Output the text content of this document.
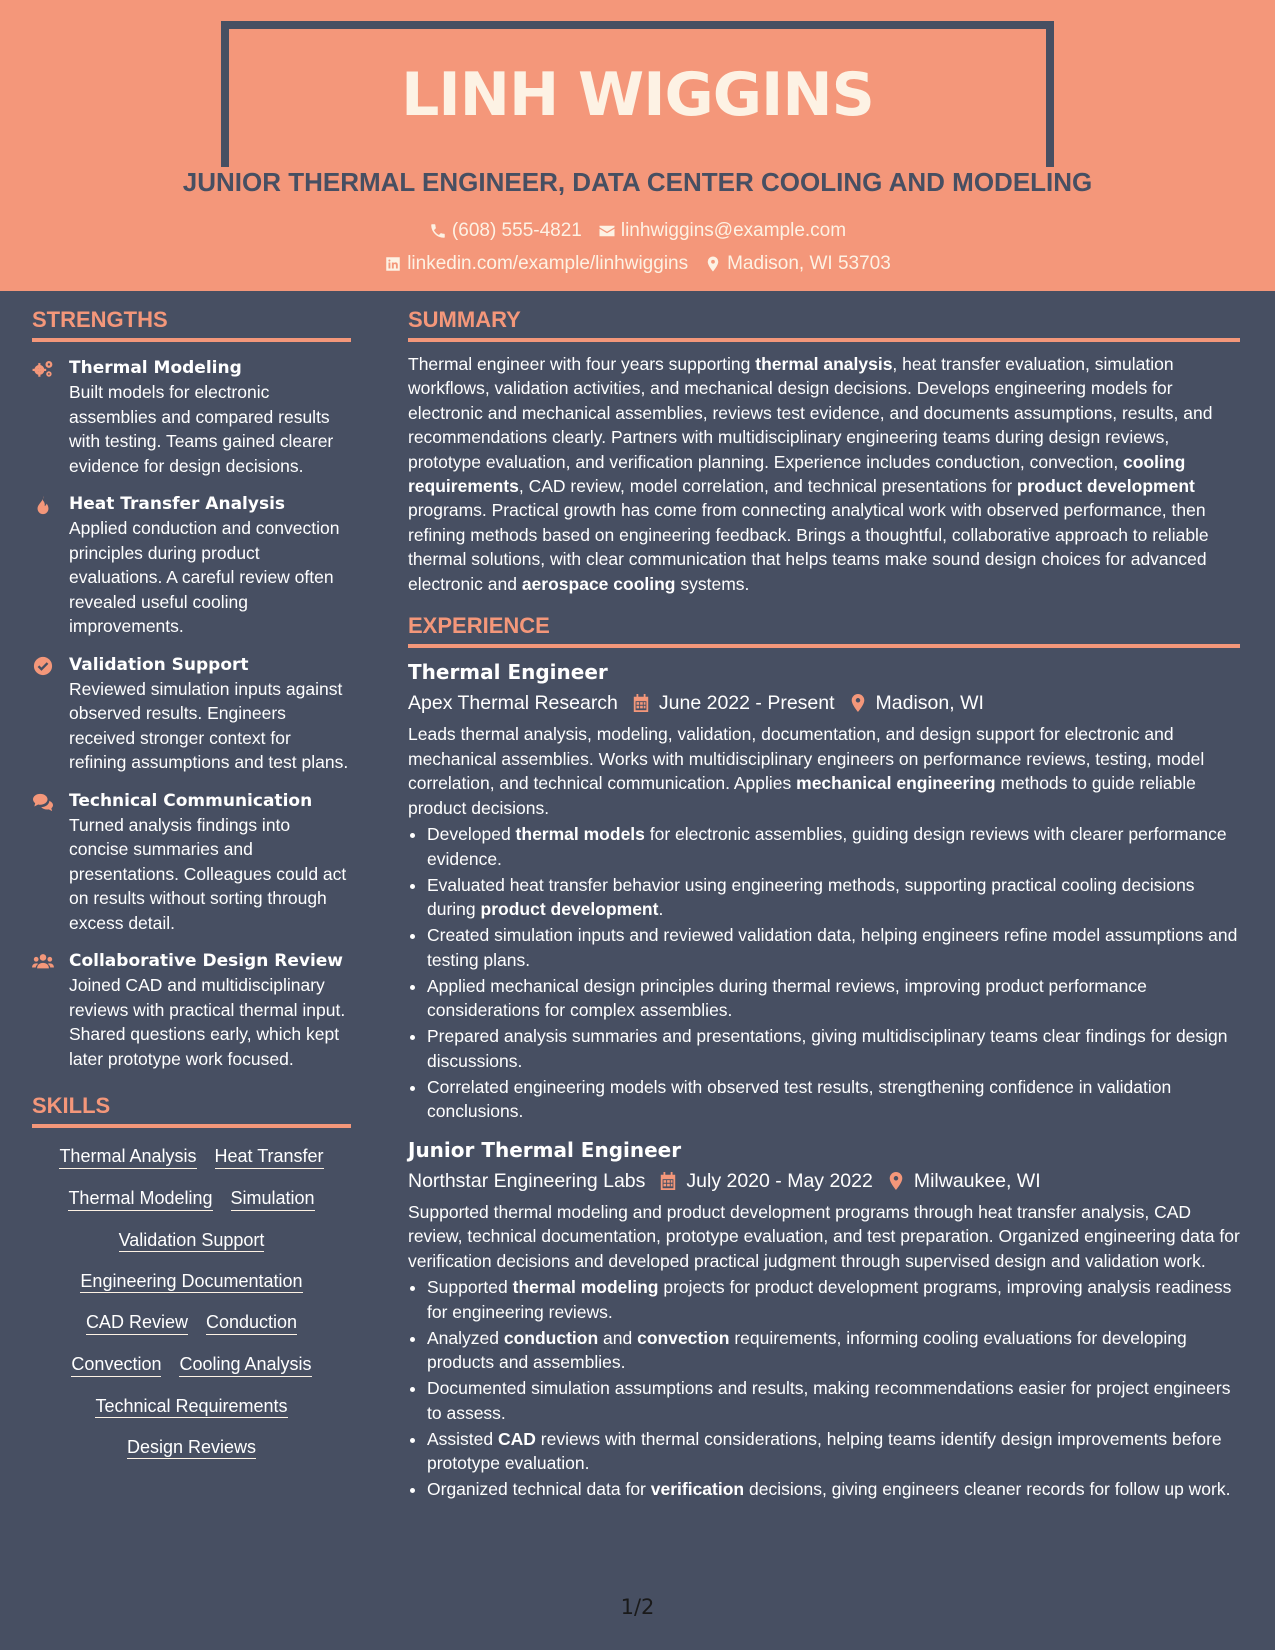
LINH WIGGINS
JUNIOR THERMAL ENGINEER, DATA CENTER COOLING AND MODELING
(608) 555-4821 linhwiggins@example.com
linkedin.com/example/linhwiggins Madison, WI 53703
STRENGTHS
Thermal Modeling
Built models for electronic assemblies and compared results with testing. Teams gained clearer evidence for design decisions.
Heat Transfer Analysis
Applied conduction and convection principles during product evaluations. A careful review often revealed useful cooling improvements.
Validation Support
Reviewed simulation inputs against observed results. Engineers received stronger context for refining assumptions and test plans.
Technical Communication
Turned analysis findings into concise summaries and presentations. Colleagues could act on results without sorting through excess detail.
Collaborative Design Review
Joined CAD and multidisciplinary reviews with practical thermal input. Shared questions early, which kept later prototype work focused.
SKILLS
Thermal Analysis Heat Transfer
Thermal Modeling Simulation
Validation Support
Engineering Documentation
CAD Review Conduction
Convection Cooling Analysis
Technical Requirements
Design Reviews
SUMMARY
Thermal engineer with four years supporting thermal analysis, heat transfer evaluation, simulation workflows, validation activities, and mechanical design decisions. Develops engineering models for electronic and mechanical assemblies, reviews test evidence, and documents assumptions, results, and recommendations clearly. Partners with multidisciplinary engineering teams during design reviews, prototype evaluation, and verification planning. Experience includes conduction, convection, cooling requirements, CAD review, model correlation, and technical presentations for product development programs. Practical growth has come from connecting analytical work with observed performance, then refining methods based on engineering feedback. Brings a thoughtful, collaborative approach to reliable thermal solutions, with clear communication that helps teams make sound design choices for advanced electronic and aerospace cooling systems.
EXPERIENCE
Thermal Engineer
Apex Thermal Research June 2022 - Present Madison, WI
Leads thermal analysis, modeling, validation, documentation, and design support for electronic and mechanical assemblies. Works with multidisciplinary engineers on performance reviews, testing, model correlation, and technical communication. Applies mechanical engineering methods to guide reliable product decisions.
• Developed thermal models for electronic assemblies, guiding design reviews with clearer performance evidence.
• Evaluated heat transfer behavior using engineering methods, supporting practical cooling decisions during product development.
• Created simulation inputs and reviewed validation data, helping engineers refine model assumptions and testing plans.
• Applied mechanical design principles during thermal reviews, improving product performance considerations for complex assemblies.
• Prepared analysis summaries and presentations, giving multidisciplinary teams clear findings for design discussions.
• Correlated engineering models with observed test results, strengthening confidence in validation conclusions.
Junior Thermal Engineer
Northstar Engineering Labs July 2020 - May 2022 Milwaukee, WI
Supported thermal modeling and product development programs through heat transfer analysis, CAD review, technical documentation, prototype evaluation, and test preparation. Organized engineering data for verification decisions and developed practical judgment through supervised design and validation work.
• Supported thermal modeling projects for product development programs, improving analysis readiness for engineering reviews.
• Analyzed conduction and convection requirements, informing cooling evaluations for developing products and assemblies.
• Documented simulation assumptions and results, making recommendations easier for project engineers to assess.
• Assisted CAD reviews with thermal considerations, helping teams identify design improvements before prototype evaluation.
• Organized technical data for verification decisions, giving engineers cleaner records for follow up work.
1/2
